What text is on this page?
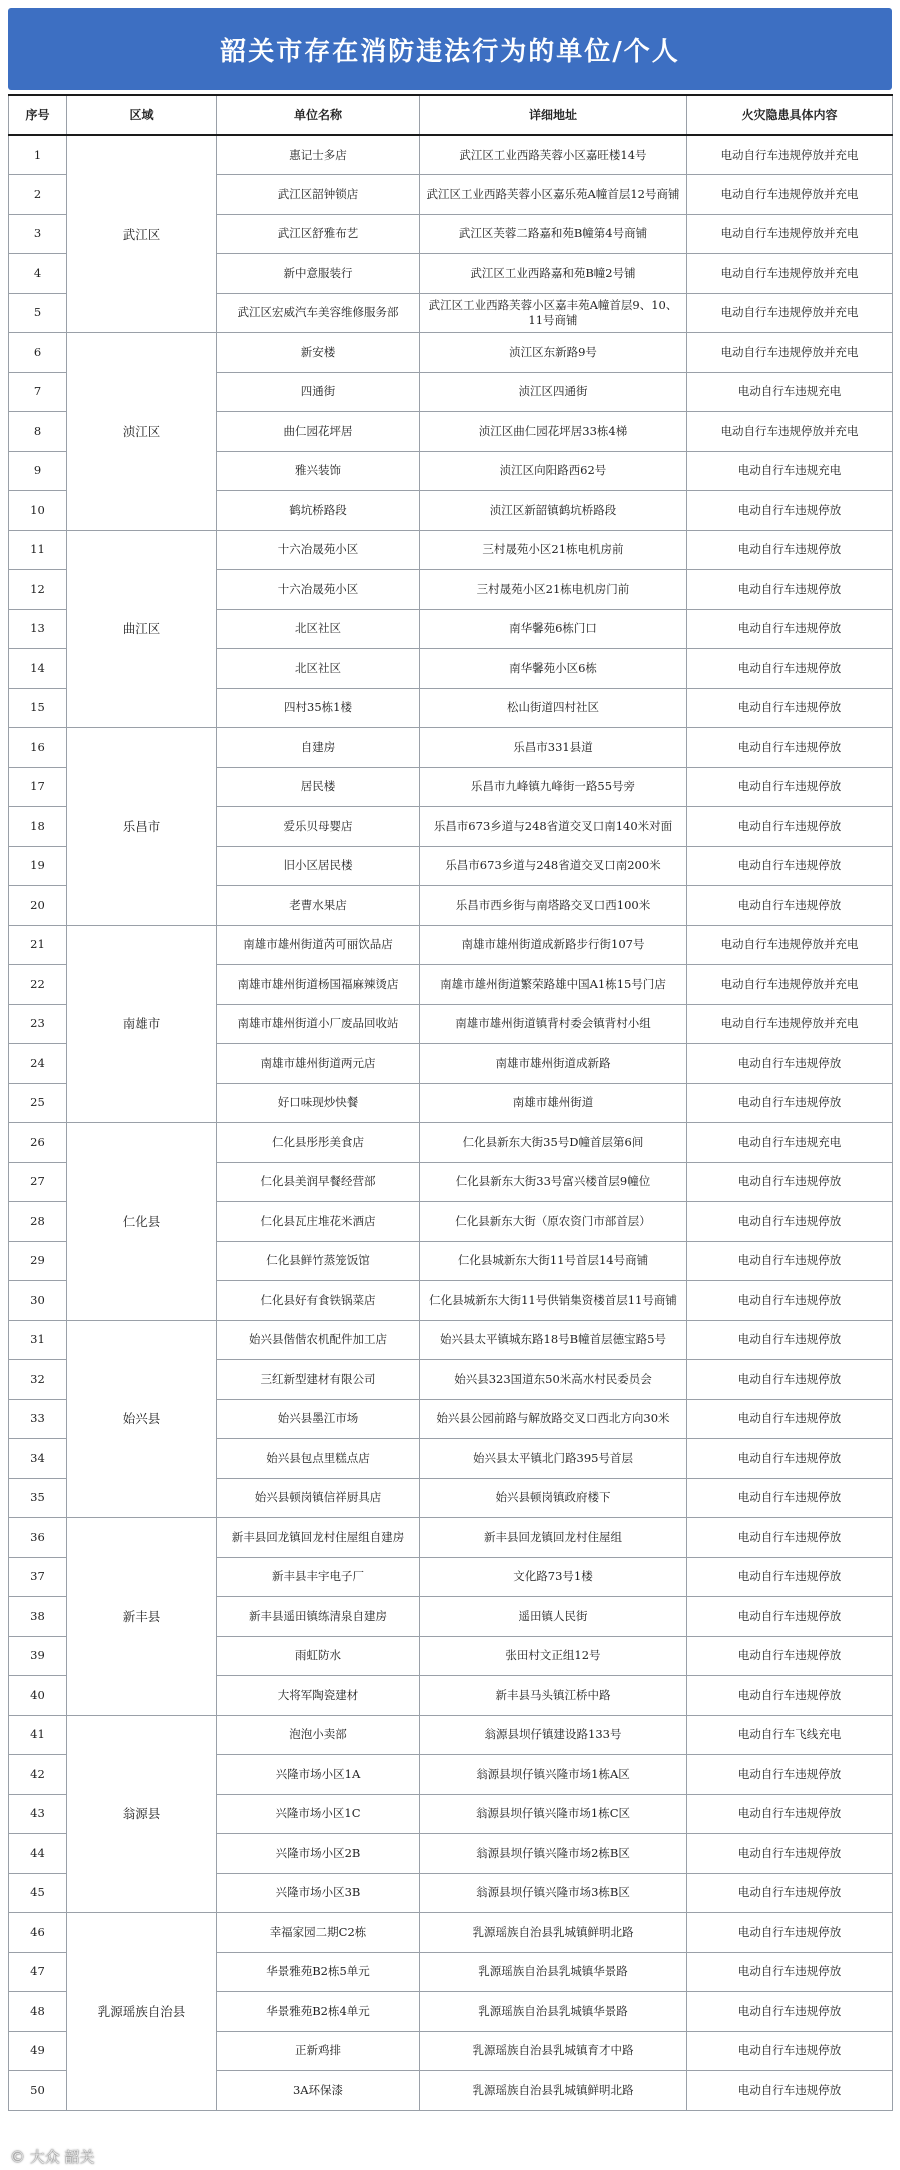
韶关市存在消防违法行为的单位/个人
序号	区域	单位名称	详细地址	火灾隐患具体内容
1	武江区	惠记士多店	武江区工业西路芙蓉小区嘉旺楼14号	电动自行车违规停放并充电
2		武江区韶钟锁店	武江区工业西路芙蓉小区嘉乐苑A幢首层12号商铺	电动自行车违规停放并充电
3		武江区舒雅布艺	武江区芙蓉二路嘉和苑B幢第4号商铺	电动自行车违规停放并充电
4		新中意服装行	武江区工业西路嘉和苑B幢2号铺	电动自行车违规停放并充电
5		武江区宏威汽车美容维修服务部	武江区工业西路芙蓉小区嘉丰苑A幢首层9、10、11号商铺	电动自行车违规停放并充电
6	浈江区	新安楼	浈江区东新路9号	电动自行车违规停放并充电
7		四通街	浈江区四通街	电动自行车违规充电
8		曲仁园花坪居	浈江区曲仁园花坪居33栋4梯	电动自行车违规停放并充电
9		雅兴装饰	浈江区向阳路西62号	电动自行车违规充电
10		鹤坑桥路段	浈江区新韶镇鹤坑桥路段	电动自行车违规停放
11	曲江区	十六冶晟苑小区	三村晟苑小区21栋电机房前	电动自行车违规停放
12		十六冶晟苑小区	三村晟苑小区21栋电机房门前	电动自行车违规停放
13		北区社区	南华馨苑6栋门口	电动自行车违规停放
14		北区社区	南华馨苑小区6栋	电动自行车违规停放
15		四村35栋1楼	松山街道四村社区	电动自行车违规停放
16	乐昌市	自建房	乐昌市331县道	电动自行车违规停放
17		居民楼	乐昌市九峰镇九峰街一路55号旁	电动自行车违规停放
18		爱乐贝母婴店	乐昌市673乡道与248省道交叉口南140米对面	电动自行车违规停放
19		旧小区居民楼	乐昌市673乡道与248省道交叉口南200米	电动自行车违规停放
20		老曹水果店	乐昌市西乡街与南塔路交叉口西100米	电动自行车违规停放
21	南雄市	南雄市雄州街道芮可丽饮品店	南雄市雄州街道成新路步行街107号	电动自行车违规停放并充电
22		南雄市雄州街道杨国福麻辣烫店	南雄市雄州街道繁荣路雄中国A1栋15号门店	电动自行车违规停放并充电
23		南雄市雄州街道小厂废品回收站	南雄市雄州街道镇背村委会镇背村小组	电动自行车违规停放并充电
24		南雄市雄州街道两元店	南雄市雄州街道成新路	电动自行车违规停放
25		好口味现炒快餐	南雄市雄州街道	电动自行车违规停放
26	仁化县	仁化县彤彤美食店	仁化县新东大街35号D幢首层第6间	电动自行车违规充电
27		仁化县美润早餐经营部	仁化县新东大街33号富兴楼首层9幢位	电动自行车违规停放
28		仁化县瓦庄堆花米酒店	仁化县新东大街（原农资门市部首层）	电动自行车违规停放
29		仁化县鲜竹蒸笼饭馆	仁化县城新东大街11号首层14号商铺	电动自行车违规停放
30		仁化县好有食铁锅菜店	仁化县城新东大街11号供销集资楼首层11号商铺	电动自行车违规停放
31	始兴县	始兴县偕偕农机配件加工店	始兴县太平镇城东路18号B幢首层德宝路5号	电动自行车违规停放
32		三红新型建材有限公司	始兴县323国道东50米高水村民委员会	电动自行车违规停放
33		始兴县墨江市场	始兴县公园前路与解放路交叉口西北方向30米	电动自行车违规停放
34		始兴县包点里糕点店	始兴县太平镇北门路395号首层	电动自行车违规停放
35		始兴县顿岗镇信祥厨具店	始兴县顿岗镇政府楼下	电动自行车违规停放
36	新丰县	新丰县回龙镇回龙村住屋组自建房	新丰县回龙镇回龙村住屋组	电动自行车违规停放
37		新丰县丰宇电子厂	文化路73号1楼	电动自行车违规停放
38		新丰县遥田镇练清泉自建房	遥田镇人民街	电动自行车违规停放
39		雨虹防水	张田村文正组12号	电动自行车违规停放
40		大将军陶瓷建材	新丰县马头镇江桥中路	电动自行车违规停放
41	翁源县	泡泡小卖部	翁源县坝仔镇建设路133号	电动自行车飞线充电
42		兴隆市场小区1A	翁源县坝仔镇兴隆市场1栋A区	电动自行车违规停放
43		兴隆市场小区1C	翁源县坝仔镇兴隆市场1栋C区	电动自行车违规停放
44		兴隆市场小区2B	翁源县坝仔镇兴隆市场2栋B区	电动自行车违规停放
45		兴隆市场小区3B	翁源县坝仔镇兴隆市场3栋B区	电动自行车违规停放
46	乳源瑶族自治县	幸福家园二期C2栋	乳源瑶族自治县乳城镇鲜明北路	电动自行车违规停放
47		华景雅苑B2栋5单元	乳源瑶族自治县乳城镇华景路	电动自行车违规停放
48		华景雅苑B2栋4单元	乳源瑶族自治县乳城镇华景路	电动自行车违规停放
49		正新鸡排	乳源瑶族自治县乳城镇育才中路	电动自行车违规停放
50		3A环保漆	乳源瑶族自治县乳城镇鲜明北路	电动自行车违规停放
© 大众 韶关
